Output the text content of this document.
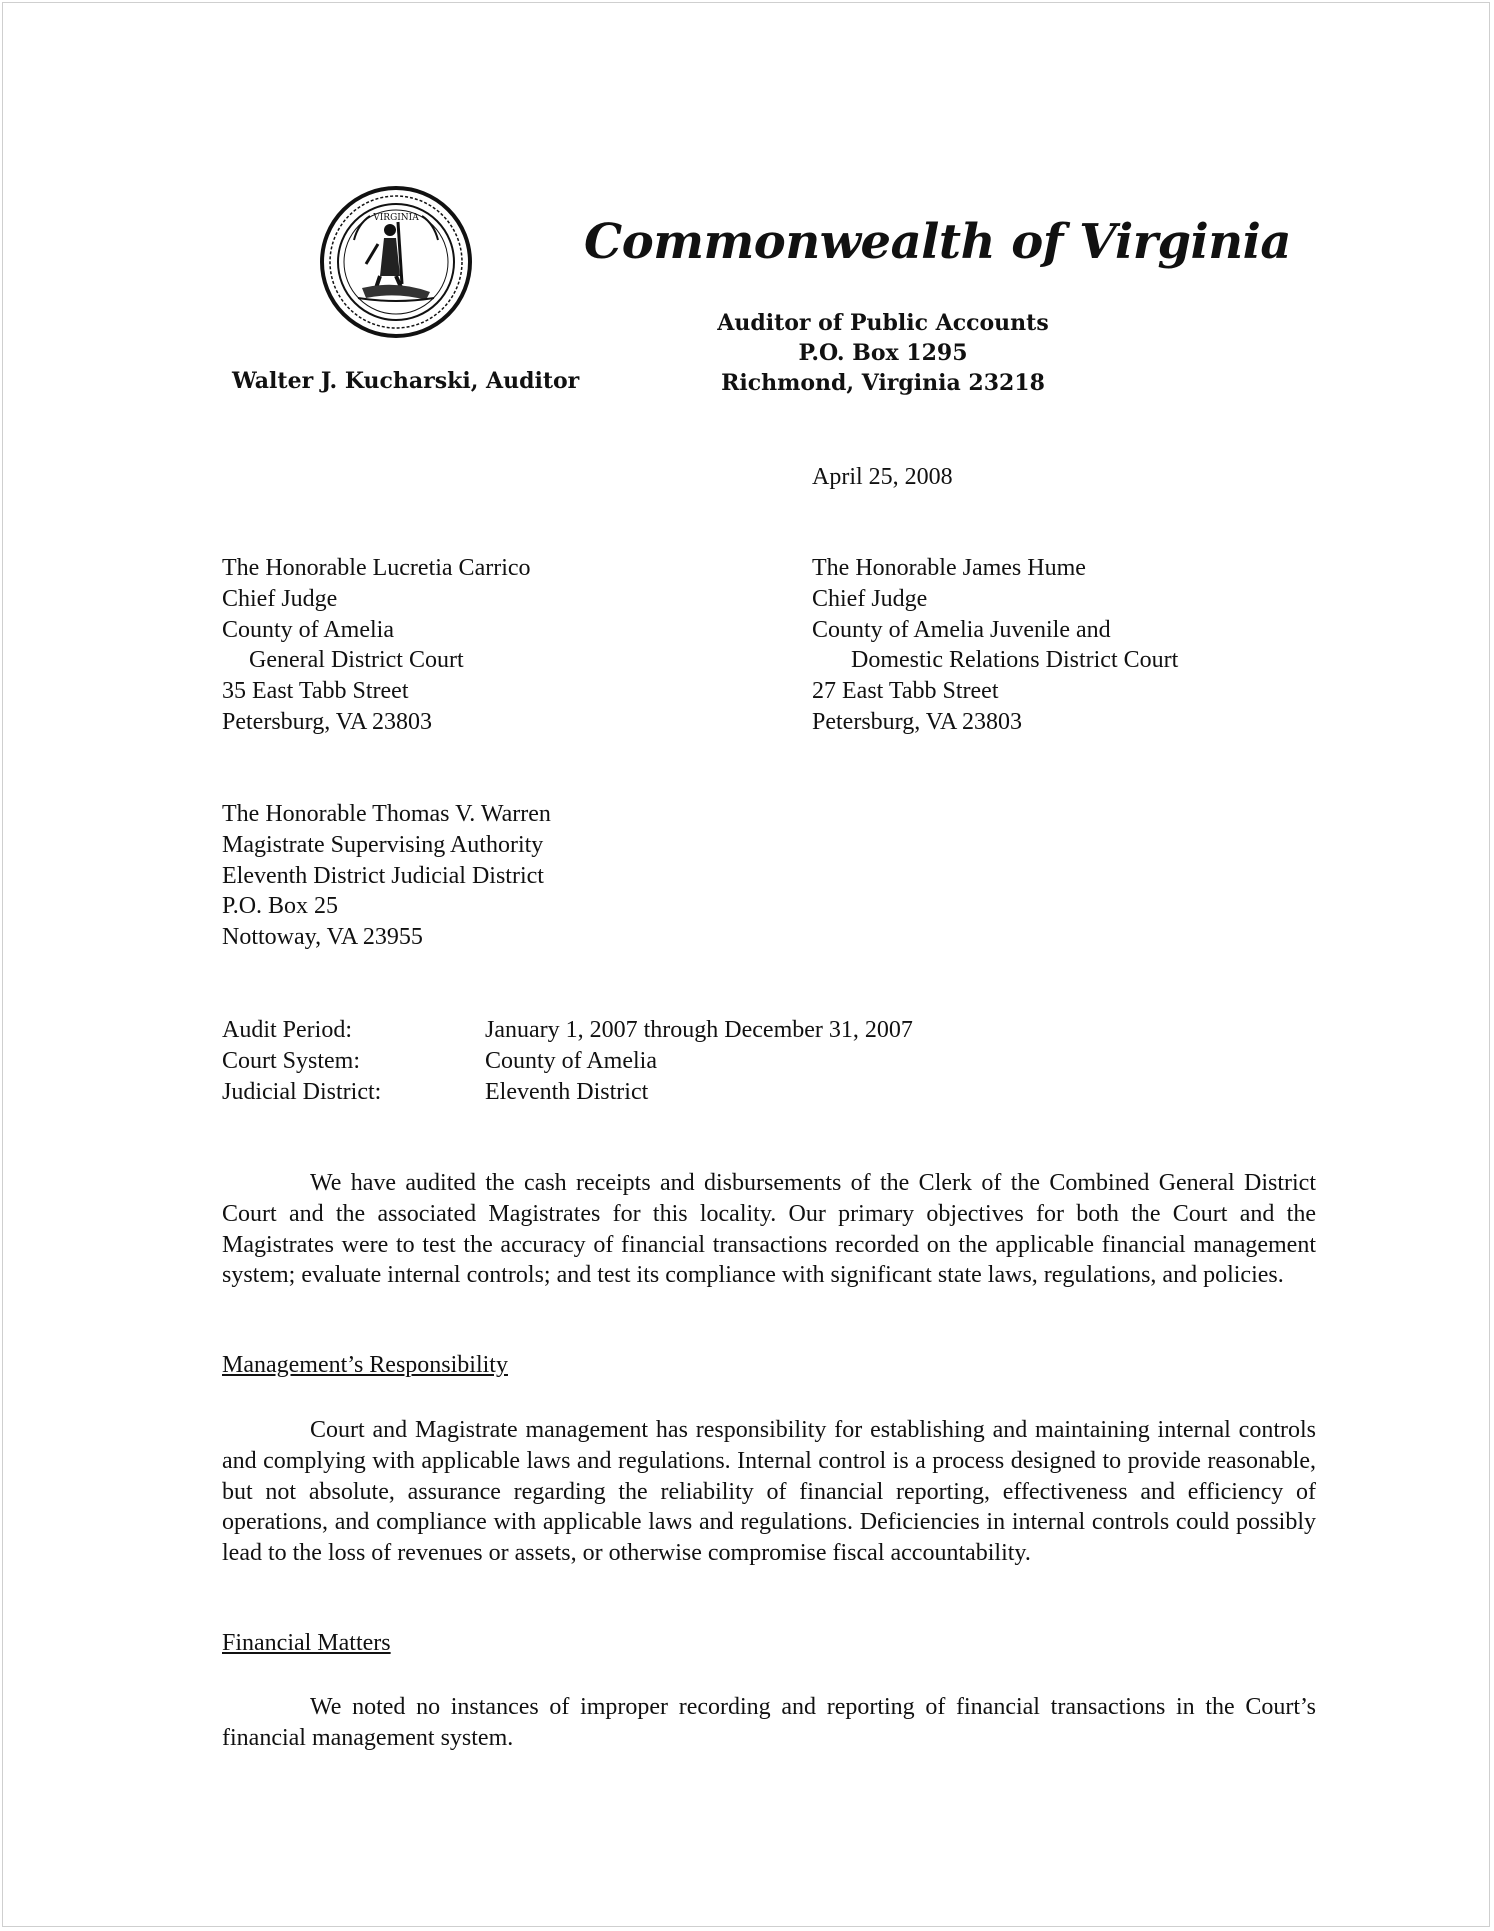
VIRGINIA	Commonwealth of Virginia
Auditor of Public Accounts
P.O. Box 1295
Richmond, Virginia 23218
Walter J. Kucharski, Auditor
April 25, 2008
The Honorable Lucretia Carrico
Chief Judge
County of Amelia
General District Court
35 East Tabb Street
Petersburg, VA 23803
The Honorable James Hume
Chief Judge
County of Amelia Juvenile and
Domestic Relations District Court
27 East Tabb Street
Petersburg, VA 23803
The Honorable Thomas V. Warren
Magistrate Supervising Authority
Eleventh District Judicial District
P.O. Box 25
Nottoway, VA 23955
Audit Period:	January 1, 2007 through December 31, 2007
Court System:	County of Amelia
Judicial District:	Eleventh District

We have audited the cash receipts and disbursements of the Clerk of the Combined General District Court and the associated Magistrates for this locality. Our primary objectives for both the Court and the Magistrates were to test the accuracy of financial transactions recorded on the applicable financial management system; evaluate internal controls; and test its compliance with significant state laws, regulations, and policies.

Management’s Responsibility

Court and Magistrate management has responsibility for establishing and maintaining internal controls and complying with applicable laws and regulations. Internal control is a process designed to provide reasonable, but not absolute, assurance regarding the reliability of financial reporting, effectiveness and efficiency of operations, and compliance with applicable laws and regulations. Deficiencies in internal controls could possibly lead to the loss of revenues or assets, or otherwise compromise fiscal accountability.

Financial Matters

We noted no instances of improper recording and reporting of financial transactions in the Court’s financial management system.
